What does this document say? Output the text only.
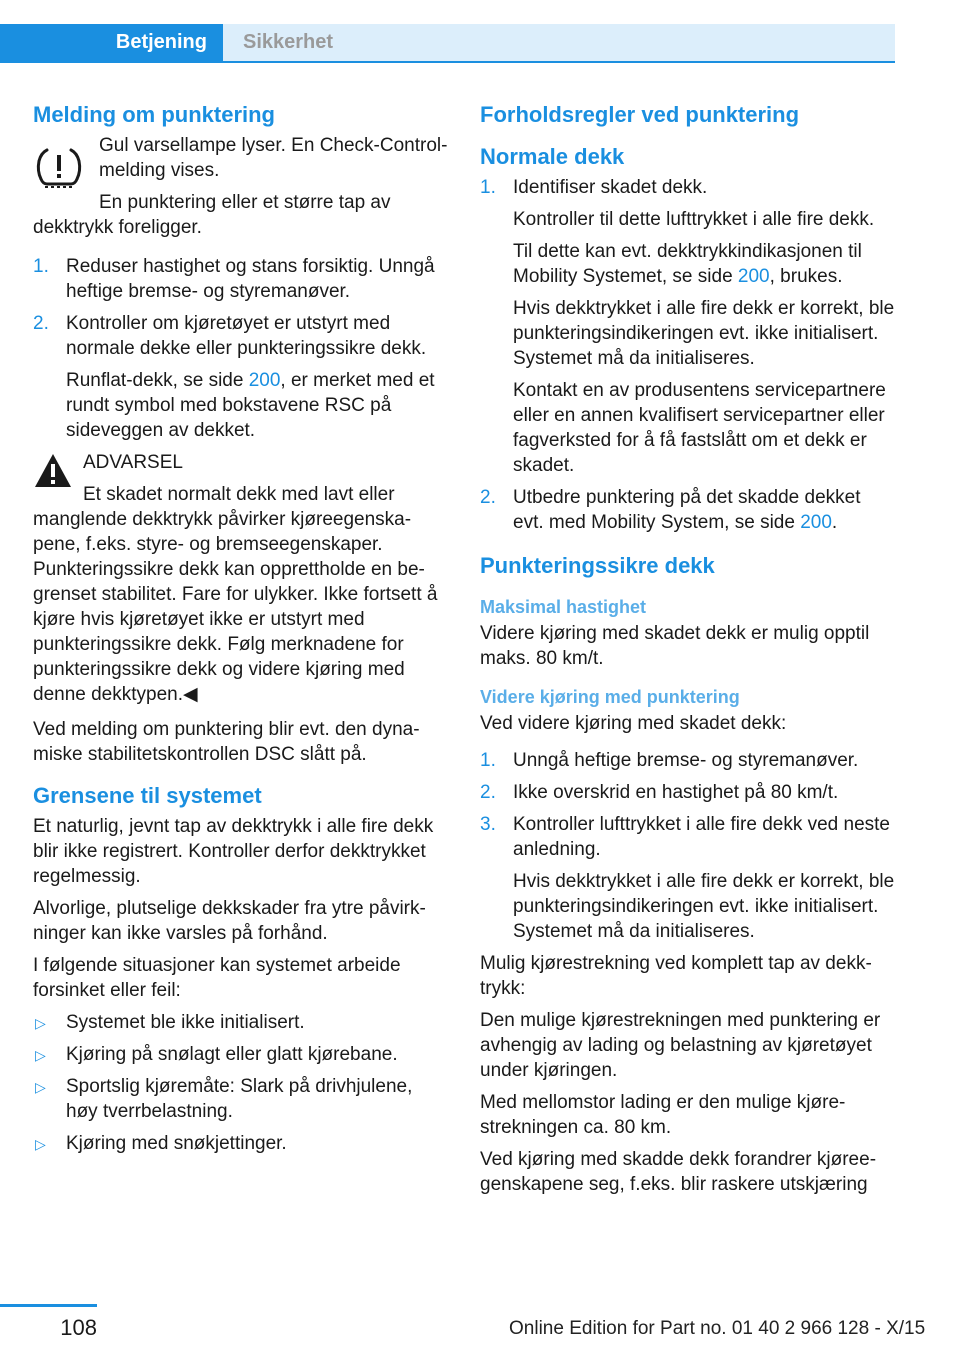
Betjening	Sikkerhet
Melding om punktering

Gul varsellampe lyser. En Check-Control-melding vises.

En punktering eller et større tap av dekktrykk foreligger.

1. Reduser hastighet og stans forsiktig. Unngå heftige bremse- og styremanøver.
2. Kontroller om kjøretøyet er utstyrt med normale dekke eller punkteringssikre dekk.

Runflat-dekk, se side 200, er merket med et rundt symbol med bokstavene RSC på sideveggen av dekket.

ADVARSEL

Et skadet normalt dekk med lavt eller manglende dekktrykk påvirker kjøreegenskapene, f.eks. styre- og bremseegenskaper. Punkteringssikre dekk kan opprettholde en begrenset stabilitet. Fare for ulykker. Ikke fortsett å kjøre hvis kjøretøyet ikke er utstyrt med punkteringssikre dekk. Følg merknadene for punkteringssikre dekk og videre kjøring med denne dekktypen.◀

Ved melding om punktering blir evt. den dynamiske stabilitetskontrollen DSC slått på.

Grensene til systemet

Et naturlig, jevnt tap av dekktrykk i alle fire dekk blir ikke registrert. Kontroller derfor dekktrykket regelmessig.

Alvorlige, plutselige dekkskader fra ytre påvirkninger kan ikke varsles på forhånd.

I følgende situasjoner kan systemet arbeide forsinket eller feil:

▷ Systemet ble ikke initialisert.
▷ Kjøring på snølagt eller glatt kjørebane.
▷ Sportslig kjøremåte: Slark på drivhjulene, høy tverrbelastning.
▷ Kjøring med snøkjettinger.
Forholdsregler ved punktering
Normale dekk
1. Identifiser skadet dekk.

Kontroller til dette lufttrykket i alle fire dekk.

Til dette kan evt. dekktrykkindikasjonen til Mobility Systemet, se side 200, brukes.

Hvis dekktrykket i alle fire dekk er korrekt, ble punkteringsindikeringen evt. ikke initialisert. Systemet må da initialiseres.

Kontakt en av produsentens servicepartnere eller en annen kvalifisert servicepartner eller fagverksted for å få fastslått om et dekk er skadet.

2. Utbedre punktering på det skadde dekket evt. med Mobility System, se side 200.
Punkteringssikre dekk
Maksimal hastighet

Videre kjøring med skadet dekk er mulig opptil maks. 80 km/t.

Videre kjøring med punktering

Ved videre kjøring med skadet dekk:

1. Unngå heftige bremse- og styremanøver.
2. Ikke overskrid en hastighet på 80 km/t.
3. Kontroller lufttrykket i alle fire dekk ved neste anledning.

Hvis dekktrykket i alle fire dekk er korrekt, ble punkteringsindikeringen evt. ikke initialisert. Systemet må da initialiseres.

Mulig kjørestrekning ved komplett tap av dekktrykk:

Den mulige kjørestrekningen med punktering er avhengig av lading og belastning av kjøretøyet under kjøringen.

Med mellomstor lading er den mulige kjørestrekningen ca. 80 km.

Ved kjøring med skadde dekk forandrer kjøreegenskapene seg, f.eks. blir raskere utskjæring

108	Online Edition for Part no. 01 40 2 966 128 - X/15
